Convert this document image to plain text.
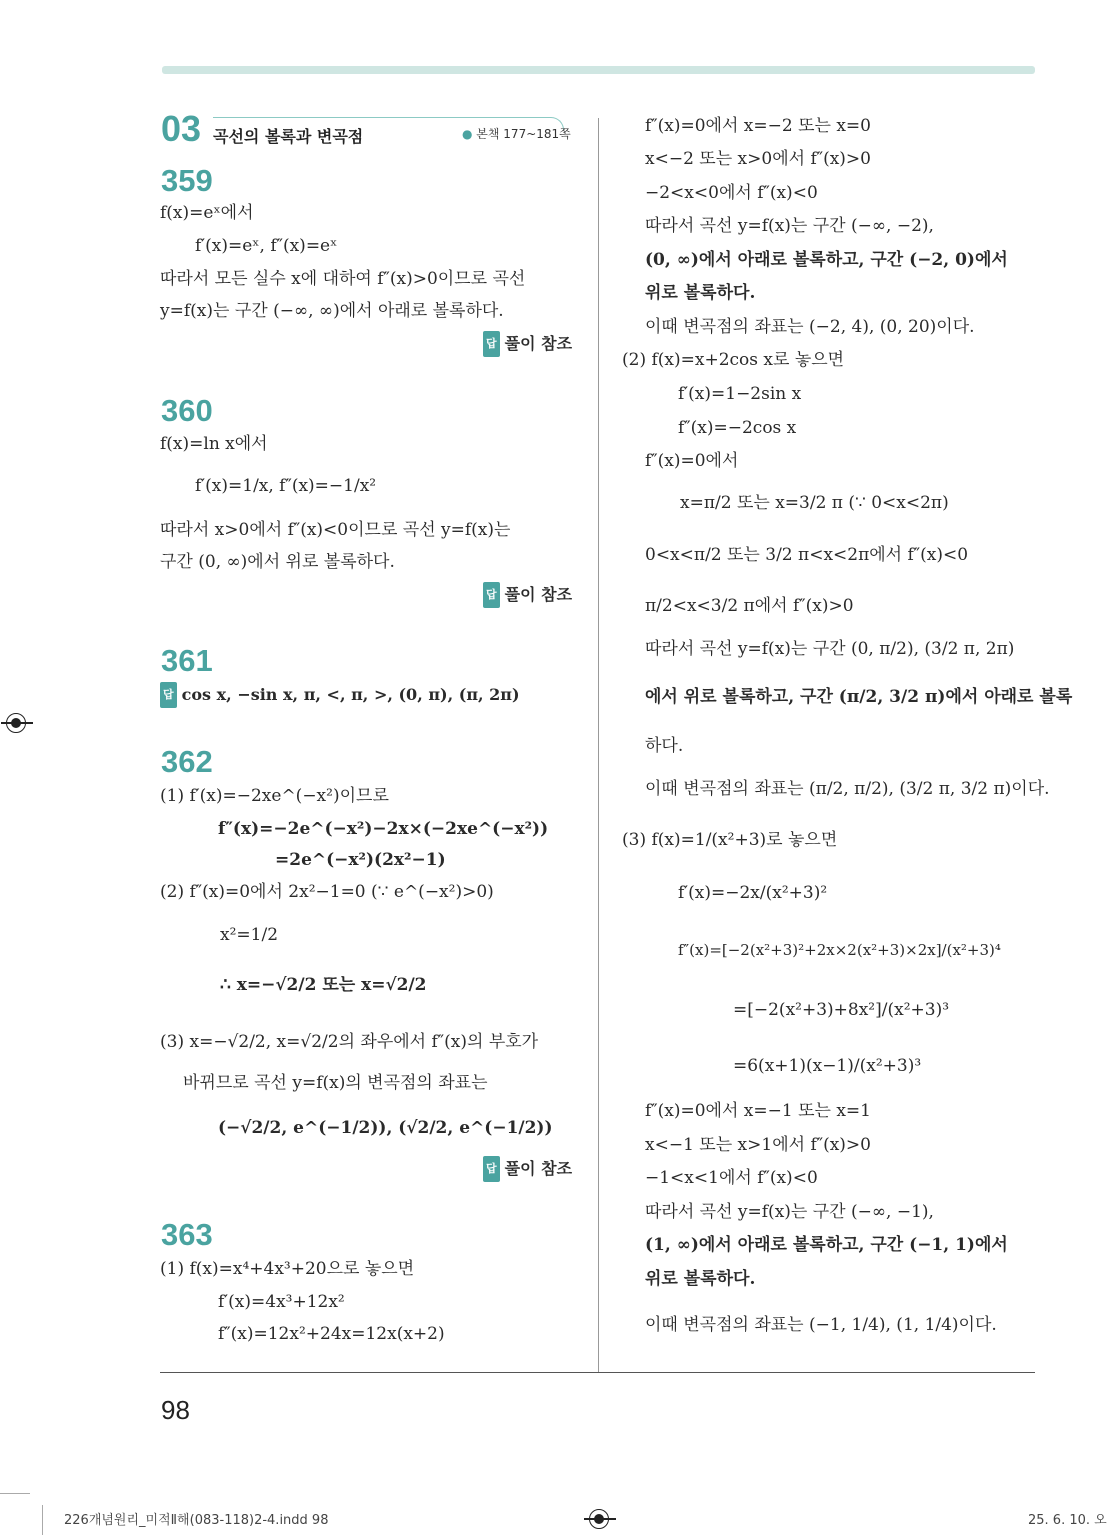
03 곡선의 볼록과 변곡점	● 본책 177~181쪽
359
f(x)=eˣ에서
f′(x)=eˣ, f″(x)=eˣ
따라서 모든 실수 x에 대하여 f″(x)>0이므로 곡선
y=f(x)는 구간 (−∞, ∞)에서 아래로 볼록하다.
답 풀이 참조
360
f(x)=ln x에서
f′(x)=1/x, f″(x)=−1/x²
따라서 x>0에서 f″(x)<0이므로 곡선 y=f(x)는
구간 (0, ∞)에서 위로 볼록하다.
답 풀이 참조
361
답 cos x, −sin x, π, <, π, >, (0, π), (π, 2π)
362
(1) f′(x)=−2xe^(−x²)이므로
f″(x)=−2e^(−x²)−2x×(−2xe^(−x²))
=2e^(−x²)(2x²−1)
(2) f″(x)=0에서 2x²−1=0 (∵ e^(−x²)>0)
x²=1/2
∴ x=−√2/2 또는 x=√2/2
(3) x=−√2/2, x=√2/2의 좌우에서 f″(x)의 부호가
바뀌므로 곡선 y=f(x)의 변곡점의 좌표는
(−√2/2, e^(−1/2)), (√2/2, e^(−1/2))
답 풀이 참조
363
(1) f(x)=x⁴+4x³+20으로 놓으면
f′(x)=4x³+12x²
f″(x)=12x²+24x=12x(x+2)
f″(x)=0에서 x=−2 또는 x=0
x<−2 또는 x>0에서 f″(x)>0
−2<x<0에서 f″(x)<0
따라서 곡선 y=f(x)는 구간 (−∞, −2),
(0, ∞)에서 아래로 볼록하고, 구간 (−2, 0)에서
위로 볼록하다.
이때 변곡점의 좌표는 (−2, 4), (0, 20)이다.
(2) f(x)=x+2cos x로 놓으면
f′(x)=1−2sin x
f″(x)=−2cos x
f″(x)=0에서
x=π/2 또는 x=3/2 π (∵ 0<x<2π)
0<x<π/2 또는 3/2 π<x<2π에서 f″(x)<0
π/2<x<3/2 π에서 f″(x)>0
따라서 곡선 y=f(x)는 구간 (0, π/2), (3/2 π, 2π)
에서 위로 볼록하고, 구간 (π/2, 3/2 π)에서 아래로 볼록
하다.
이때 변곡점의 좌표는 (π/2, π/2), (3/2 π, 3/2 π)이다.
(3) f(x)=1/(x²+3)로 놓으면
f′(x)=−2x/(x²+3)²
f″(x)=[−2(x²+3)²+2x×2(x²+3)×2x]/(x²+3)⁴
=[−2(x²+3)+8x²]/(x²+3)³
=6(x+1)(x−1)/(x²+3)³
f″(x)=0에서 x=−1 또는 x=1
x<−1 또는 x>1에서 f″(x)>0
−1<x<1에서 f″(x)<0
따라서 곡선 y=f(x)는 구간 (−∞, −1),
(1, ∞)에서 아래로 볼록하고, 구간 (−1, 1)에서
위로 볼록하다.
이때 변곡점의 좌표는 (−1, 1/4), (1, 1/4)이다.
98
226개념원리_미적Ⅱ해(083-118)2-4.indd 98	25. 6. 10. 오
